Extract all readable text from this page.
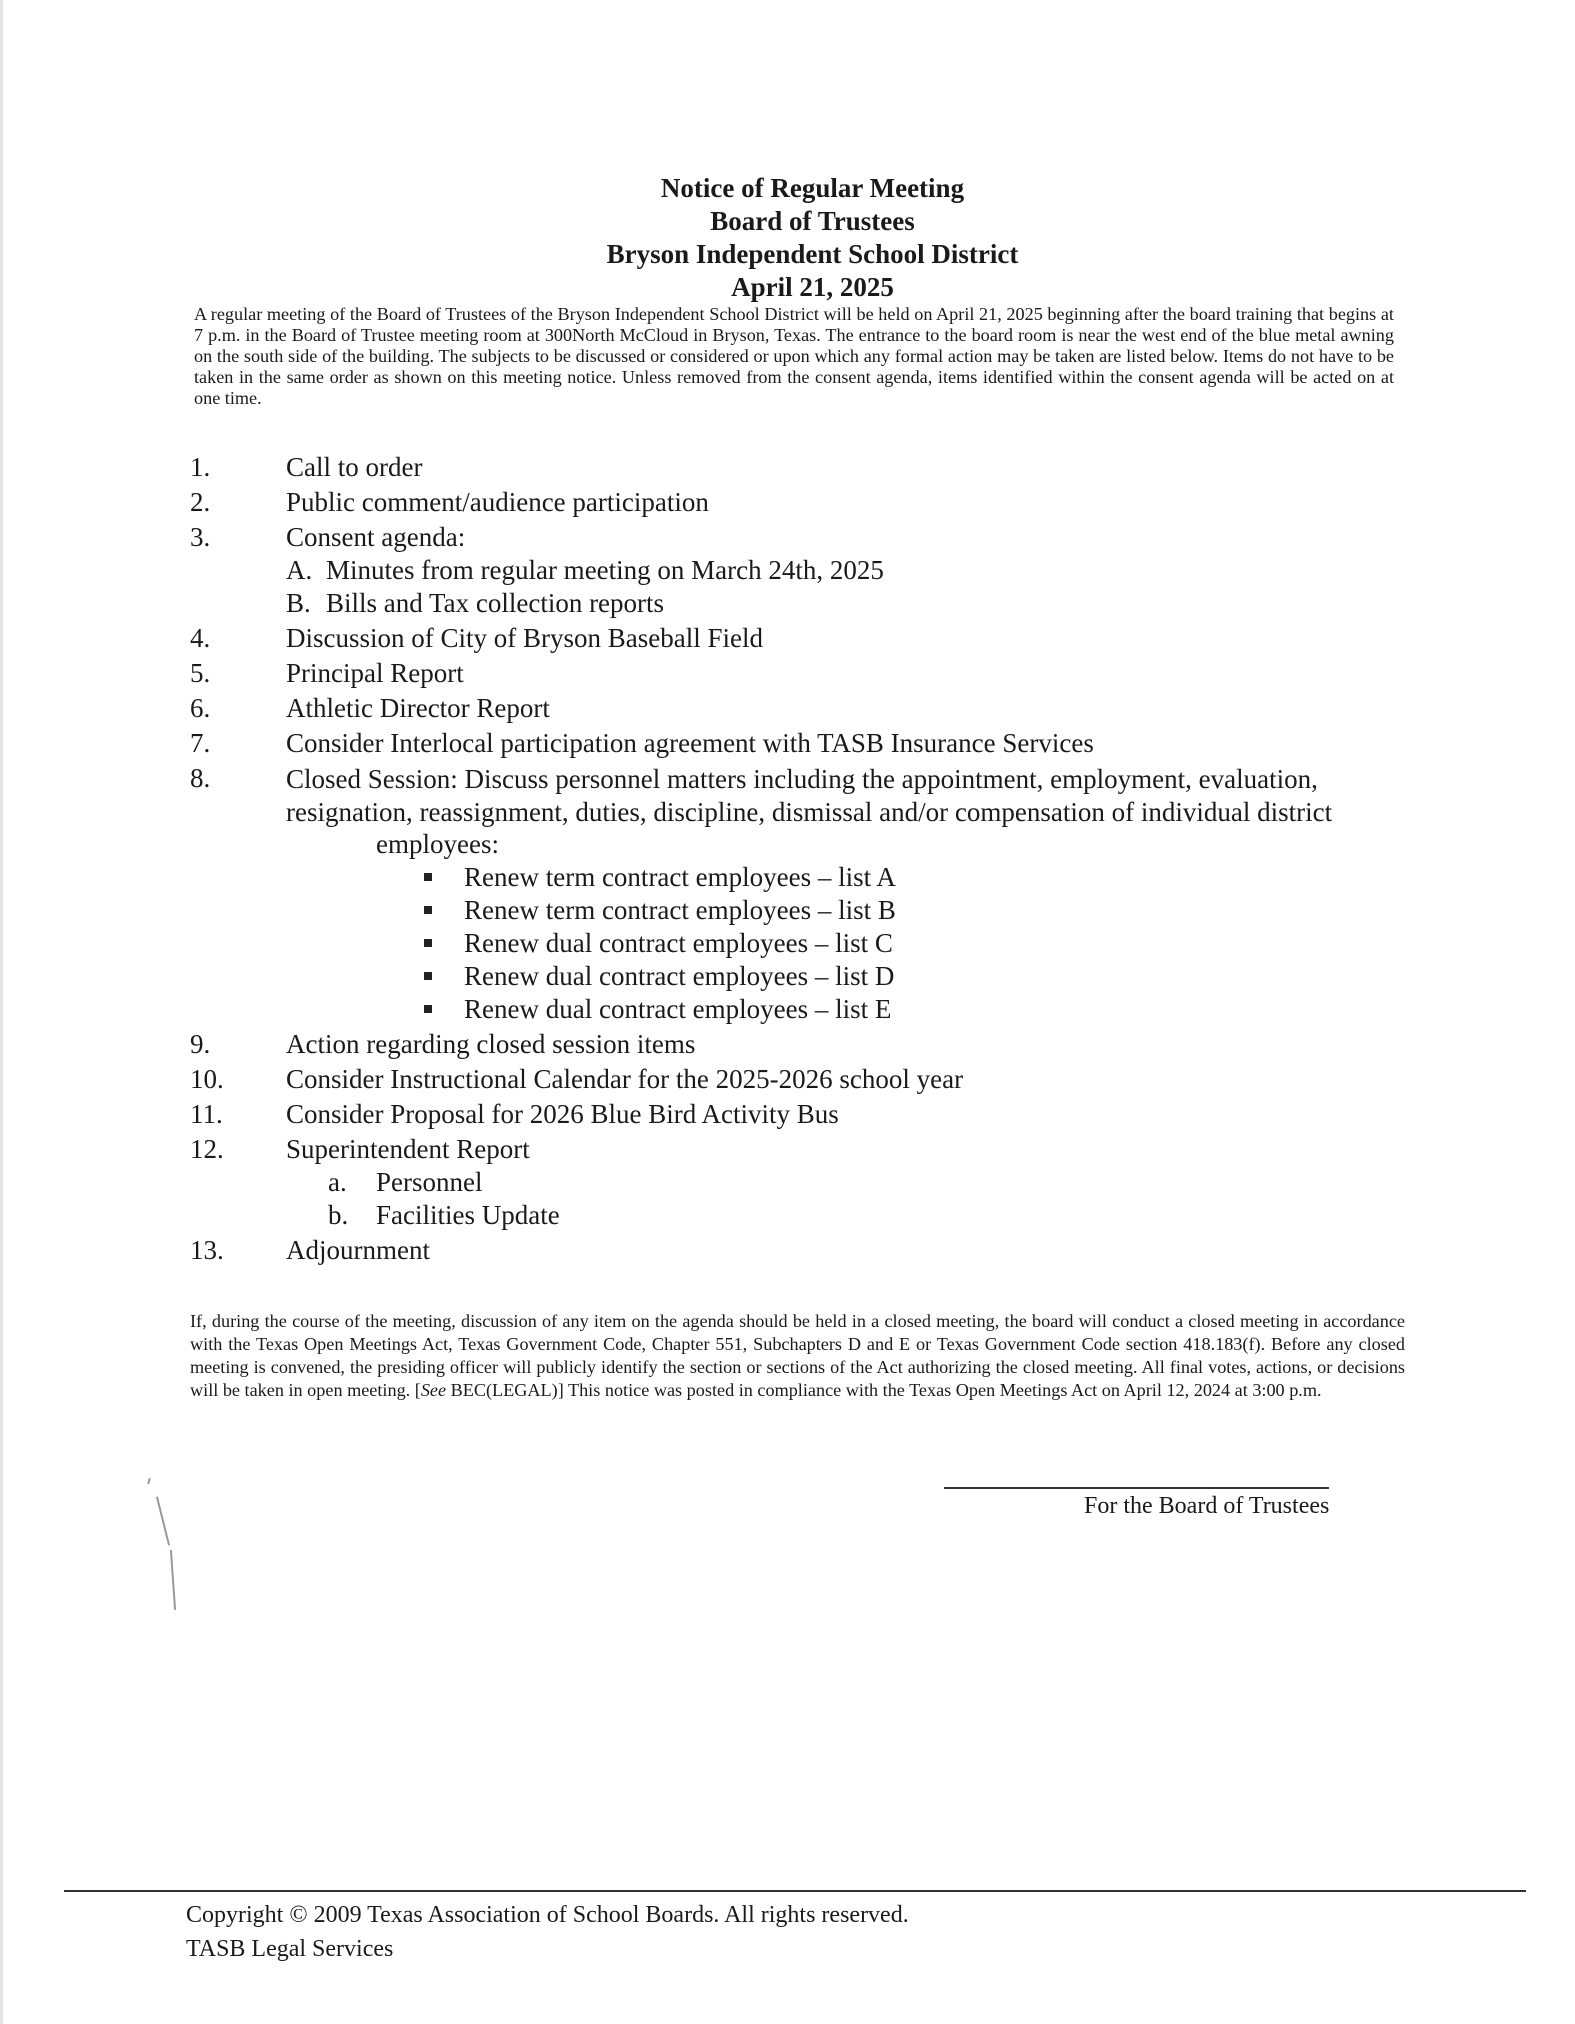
Notice of Regular Meeting
Board of Trustees
Bryson Independent School District
April 21, 2025
A regular meeting of the Board of Trustees of the Bryson Independent School District will be held on April 21, 2025 beginning after the board training that begins at 7 p.m. in the Board of Trustee meeting room at 300North McCloud in Bryson, Texas. The entrance to the board room is near the west end of the blue metal awning on the south side of the building. The subjects to be discussed or considered or upon which any formal action may be taken are listed below. Items do not have to be taken in the same order as shown on this meeting notice. Unless removed from the consent agenda, items identified within the consent agenda will be acted on at one time.
1.	Call to order
2.	Public comment/audience participation
3.	Consent agenda:
A. Minutes from regular meeting on March 24th, 2025
B. Bills and Tax collection reports
4.	Discussion of City of Bryson Baseball Field
5.	Principal Report
6.	Athletic Director Report
7.	Consider Interlocal participation agreement with TASB Insurance Services
8.	Closed Session: Discuss personnel matters including the appointment, employment, evaluation, resignation, reassignment, duties, discipline, dismissal and/or compensation of individual district
employees:
Renew term contract employees – list A
Renew term contract employees – list B
Renew dual contract employees – list C
Renew dual contract employees – list D
Renew dual contract employees – list E
9.	Action regarding closed session items
10.	Consider Instructional Calendar for the 2025-2026 school year
11.	Consider Proposal for 2026 Blue Bird Activity Bus
12.	Superintendent Report
a. Personnel
b. Facilities Update
13.	Adjournment
If, during the course of the meeting, discussion of any item on the agenda should be held in a closed meeting, the board will conduct a closed meeting in accordance with the Texas Open Meetings Act, Texas Government Code, Chapter 551, Subchapters D and E or Texas Government Code section 418.183(f). Before any closed meeting is convened, the presiding officer will publicly identify the section or sections of the Act authorizing the closed meeting. All final votes, actions, or decisions will be taken in open meeting. [See BEC(LEGAL)] This notice was posted in compliance with the Texas Open Meetings Act on April 12, 2024 at 3:00 p.m.
For the Board of Trustees
Copyright © 2009 Texas Association of School Boards. All rights reserved.
TASB Legal Services
